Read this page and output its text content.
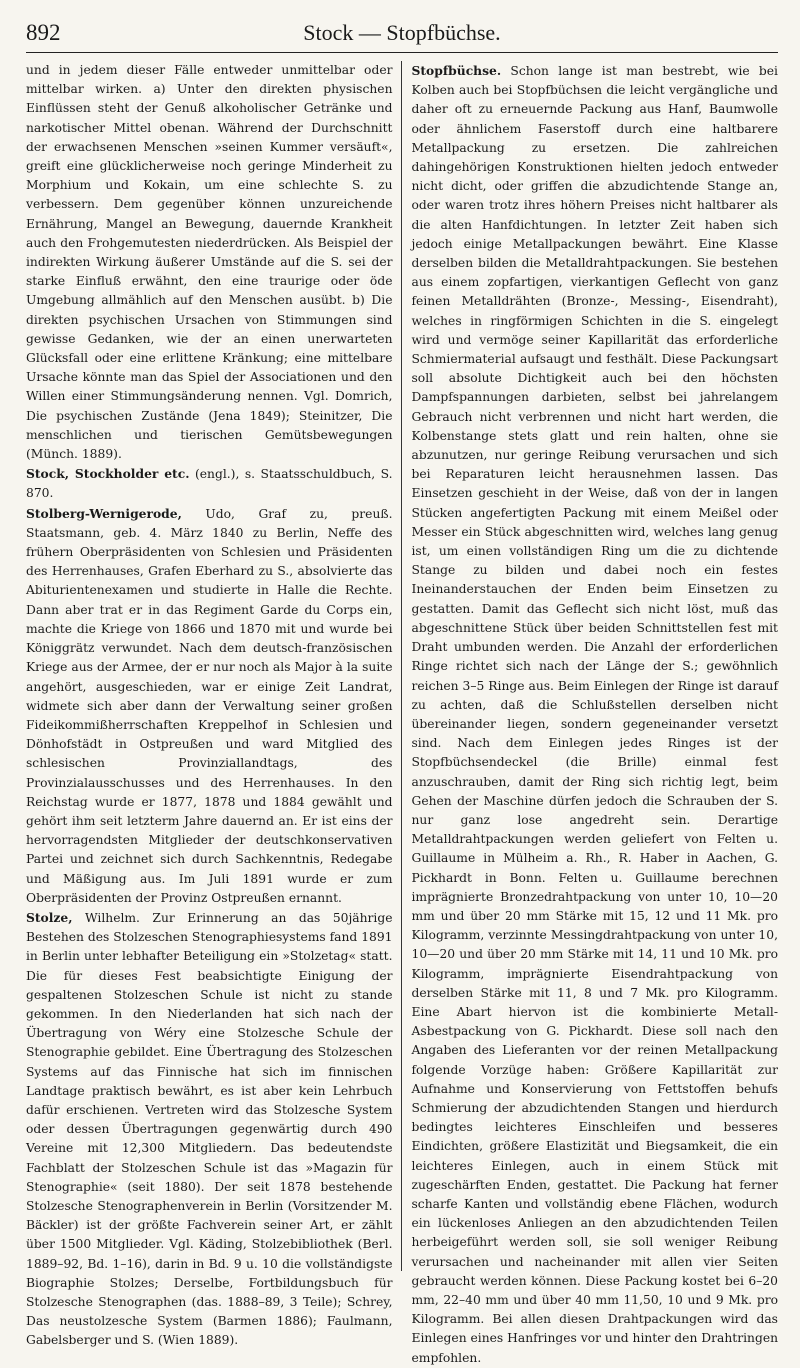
892	Stock — Stopfbüchse.

und in jedem dieser Fälle entweder unmittelbar oder mittelbar wirken. a) Unter den direkten physischen Einflüssen steht der Genuß alkoholischer Getränke und narkotischer Mittel obenan. Während der Durchschnitt der erwachsenen Menschen »seinen Kummer versäuft«, greift eine glücklicherweise noch geringe Minderheit zu Morphium und Kokain, um eine schlechte S. zu verbessern. Dem gegenüber können unzureichende Ernährung, Mangel an Bewegung, dauernde Krankheit auch den Frohgemutesten niederdrücken. Als Beispiel der indirekten Wirkung äußerer Umstände auf die S. sei der starke Einfluß erwähnt, den eine traurige oder öde Umgebung allmählich auf den Menschen ausübt. b) Die direkten psychischen Ursachen von Stimmungen sind gewisse Gedanken, wie der an einen unerwarteten Glücksfall oder eine erlittene Kränkung; eine mittelbare Ursache könnte man das Spiel der Associationen und den Willen einer Stimmungsänderung nennen. Vgl. Domrich, Die psychischen Zustände (Jena 1849); Steinitzer, Die menschlichen und tierischen Gemütsbewegungen (Münch. 1889).

Stock, Stockholder etc. (engl.), s. Staatsschuldbuch, S. 870.

Stolberg-Wernigerode, Udo, Graf zu, preuß. Staatsmann, geb. 4. März 1840 zu Berlin, Neffe des frühern Oberpräsidenten von Schlesien und Präsidenten des Herrenhauses, Grafen Eberhard zu S., absolvierte das Abiturientenexamen und studierte in Halle die Rechte. Dann aber trat er in das Regiment Garde du Corps ein, machte die Kriege von 1866 und 1870 mit und wurde bei Königgrätz verwundet. Nach dem deutsch-französischen Kriege aus der Armee, der er nur noch als Major à la suite angehört, ausgeschieden, war er einige Zeit Landrat, widmete sich aber dann der Verwaltung seiner großen Fideikommißherrschaften Kreppelhof in Schlesien und Dönhofstädt in Ostpreußen und ward Mitglied des schlesischen Provinziallandtags, des Provinzialausschusses und des Herrenhauses. In den Reichstag wurde er 1877, 1878 und 1884 gewählt und gehört ihm seit letzterm Jahre dauernd an. Er ist eins der hervorragendsten Mitglieder der deutschkonservativen Partei und zeichnet sich durch Sachkenntnis, Redegabe und Mäßigung aus. Im Juli 1891 wurde er zum Oberpräsidenten der Provinz Ostpreußen ernannt.

Stolze, Wilhelm. Zur Erinnerung an das 50jährige Bestehen des Stolzeschen Stenographiesystems fand 1891 in Berlin unter lebhafter Beteiligung ein »Stolzetag« statt. Die für dieses Fest beabsichtigte Einigung der gespaltenen Stolzeschen Schule ist nicht zu stande gekommen. In den Niederlanden hat sich nach der Übertragung von Wéry eine Stolzesche Schule der Stenographie gebildet. Eine Übertragung des Stolzeschen Systems auf das Finnische hat sich im finnischen Landtage praktisch bewährt, es ist aber kein Lehrbuch dafür erschienen. Vertreten wird das Stolzesche System oder dessen Übertragungen gegenwärtig durch 490 Vereine mit 12,300 Mitgliedern. Das bedeutendste Fachblatt der Stolzeschen Schule ist das »Magazin für Stenographie« (seit 1880). Der seit 1878 bestehende Stolzesche Stenographenverein in Berlin (Vorsitzender M. Bäckler) ist der größte Fachverein seiner Art, er zählt über 1500 Mitglieder. Vgl. Käding, Stolzebibliothek (Berl. 1889–92, Bd. 1–16), darin in Bd. 9 u. 10 die vollständigste Biographie Stolzes; Derselbe, Fortbildungsbuch für Stolzesche Stenographen (das. 1888–89, 3 Teile); Schrey, Das neustolzesche System (Barmen 1886); Faulmann, Gabelsberger und S. (Wien 1889).

Stopfbüchse. Schon lange ist man bestrebt, wie bei Kolben auch bei Stopfbüchsen die leicht vergängliche und daher oft zu erneuernde Packung aus Hanf, Baumwolle oder ähnlichem Faserstoff durch eine haltbarere Metallpackung zu ersetzen. Die zahlreichen dahingehörigen Konstruktionen hielten jedoch entweder nicht dicht, oder griffen die abzudichtende Stange an, oder waren trotz ihres höhern Preises nicht haltbarer als die alten Hanfdichtungen. In letzter Zeit haben sich jedoch einige Metallpackungen bewährt. Eine Klasse derselben bilden die Metalldrahtpackungen. Sie bestehen aus einem zopfartigen, vierkantigen Geflecht von ganz feinen Metalldrähten (Bronze-, Messing-, Eisendraht), welches in ringförmigen Schichten in die S. eingelegt wird und vermöge seiner Kapillarität das erforderliche Schmiermaterial aufsaugt und festhält. Diese Packungsart soll absolute Dichtigkeit auch bei den höchsten Dampfspannungen darbieten, selbst bei jahrelangem Gebrauch nicht verbrennen und nicht hart werden, die Kolbenstange stets glatt und rein halten, ohne sie abzunutzen, nur geringe Reibung verursachen und sich bei Reparaturen leicht herausnehmen lassen. Das Einsetzen geschieht in der Weise, daß von der in langen Stücken angefertigten Packung mit einem Meißel oder Messer ein Stück abgeschnitten wird, welches lang genug ist, um einen vollständigen Ring um die zu dichtende Stange zu bilden und dabei noch ein festes Ineinanderstauchen der Enden beim Einsetzen zu gestatten. Damit das Geflecht sich nicht löst, muß das abgeschnittene Stück über beiden Schnittstellen fest mit Draht umbunden werden. Die Anzahl der erforderlichen Ringe richtet sich nach der Länge der S.; gewöhnlich reichen 3–5 Ringe aus. Beim Einlegen der Ringe ist darauf zu achten, daß die Schlußstellen derselben nicht übereinander liegen, sondern gegeneinander versetzt sind. Nach dem Einlegen jedes Ringes ist der Stopfbüchsendeckel (die Brille) einmal fest anzuschrauben, damit der Ring sich richtig legt, beim Gehen der Maschine dürfen jedoch die Schrauben der S. nur ganz lose angedreht sein. Derartige Metalldrahtpackungen werden geliefert von Felten u. Guillaume in Mülheim a. Rh., R. Haber in Aachen, G. Pickhardt in Bonn. Felten u. Guillaume berechnen imprägnierte Bronzedrahtpackung von unter 10, 10—20 mm und über 20 mm Stärke mit 15, 12 und 11 Mk. pro Kilogramm, verzinnte Messingdrahtpackung von unter 10, 10—20 und über 20 mm Stärke mit 14, 11 und 10 Mk. pro Kilogramm, imprägnierte Eisendrahtpackung von derselben Stärke mit 11, 8 und 7 Mk. pro Kilogramm. Eine Abart hiervon ist die kombinierte Metall-Asbestpackung von G. Pickhardt. Diese soll nach den Angaben des Lieferanten vor der reinen Metallpackung folgende Vorzüge haben: Größere Kapillarität zur Aufnahme und Konservierung von Fettstoffen behufs Schmierung der abzudichtenden Stangen und hierdurch bedingtes leichteres Einschleifen und besseres Eindichten, größere Elastizität und Biegsamkeit, die ein leichteres Einlegen, auch in einem Stück mit zugeschärften Enden, gestattet. Die Packung hat ferner scharfe Kanten und vollständig ebene Flächen, wodurch ein lückenloses Anliegen an den abzudichtenden Teilen herbeigeführt werden soll, sie soll weniger Reibung verursachen und nacheinander mit allen vier Seiten gebraucht werden können. Diese Packung kostet bei 6–20 mm, 22–40 mm und über 40 mm 11,50, 10 und 9 Mk. pro Kilogramm. Bei allen diesen Drahtpackungen wird das Einlegen eines Hanfringes vor und hinter den Drahtringen empfohlen.
